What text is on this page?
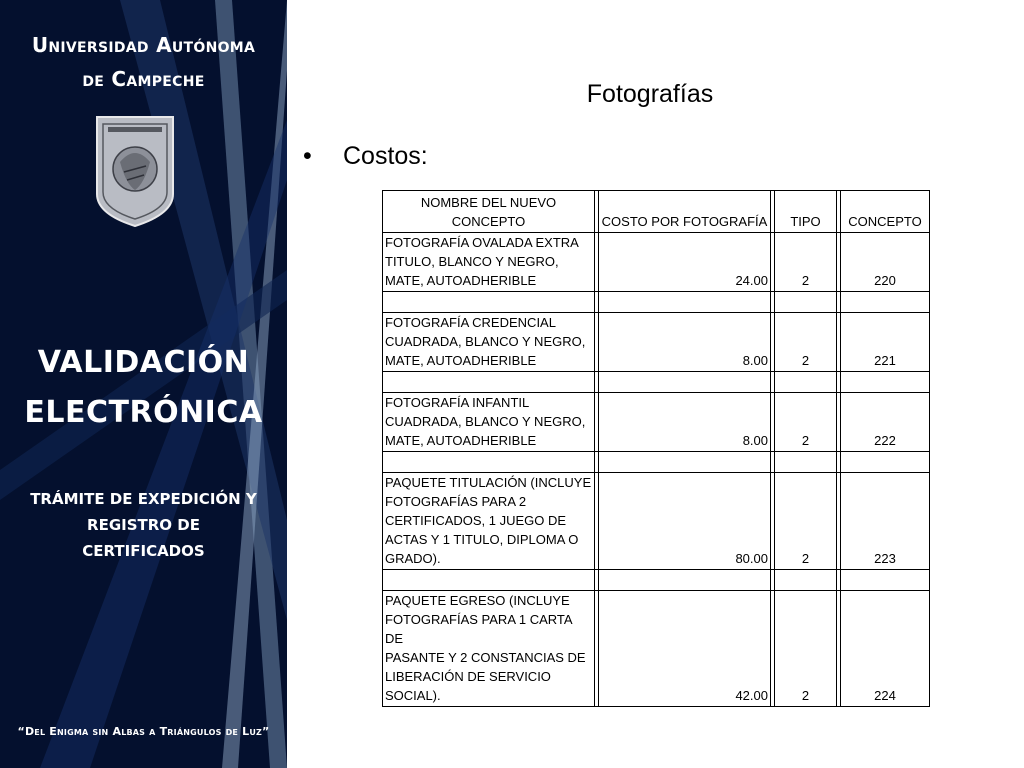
Universidad Autónoma
de Campeche
VALIDACIÓN
ELECTRÓNICA
TRÁMITE DE EXPEDICIÓN Y
REGISTRO DE
CERTIFICADOS
“Del Enigma sin Albas a Triángulos de Luz”
Fotografías
• Costos:
NOMBRE DEL NUEVO
CONCEPTO		COSTO POR FOTOGRAFÍA		TIPO		CONCEPTO

FOTOGRAFÍA OVALADA EXTRA
TITULO, BLANCO Y NEGRO,
MATE, AUTOADHERIBLE		24.00		2		220

FOTOGRAFÍA CREDENCIAL
CUADRADA, BLANCO Y NEGRO,
MATE, AUTOADHERIBLE		8.00		2		221

FOTOGRAFÍA INFANTIL
CUADRADA, BLANCO Y NEGRO,
MATE, AUTOADHERIBLE		8.00		2		222

PAQUETE TITULACIÓN (INCLUYE
FOTOGRAFÍAS PARA 2
CERTIFICADOS, 1 JUEGO DE
ACTAS Y 1 TITULO, DIPLOMA O
GRADO).		80.00		2		223

PAQUETE EGRESO (INCLUYE
FOTOGRAFÍAS PARA 1 CARTA DE
PASANTE Y 2 CONSTANCIAS DE
LIBERACIÓN DE SERVICIO
SOCIAL).		42.00		2		224
